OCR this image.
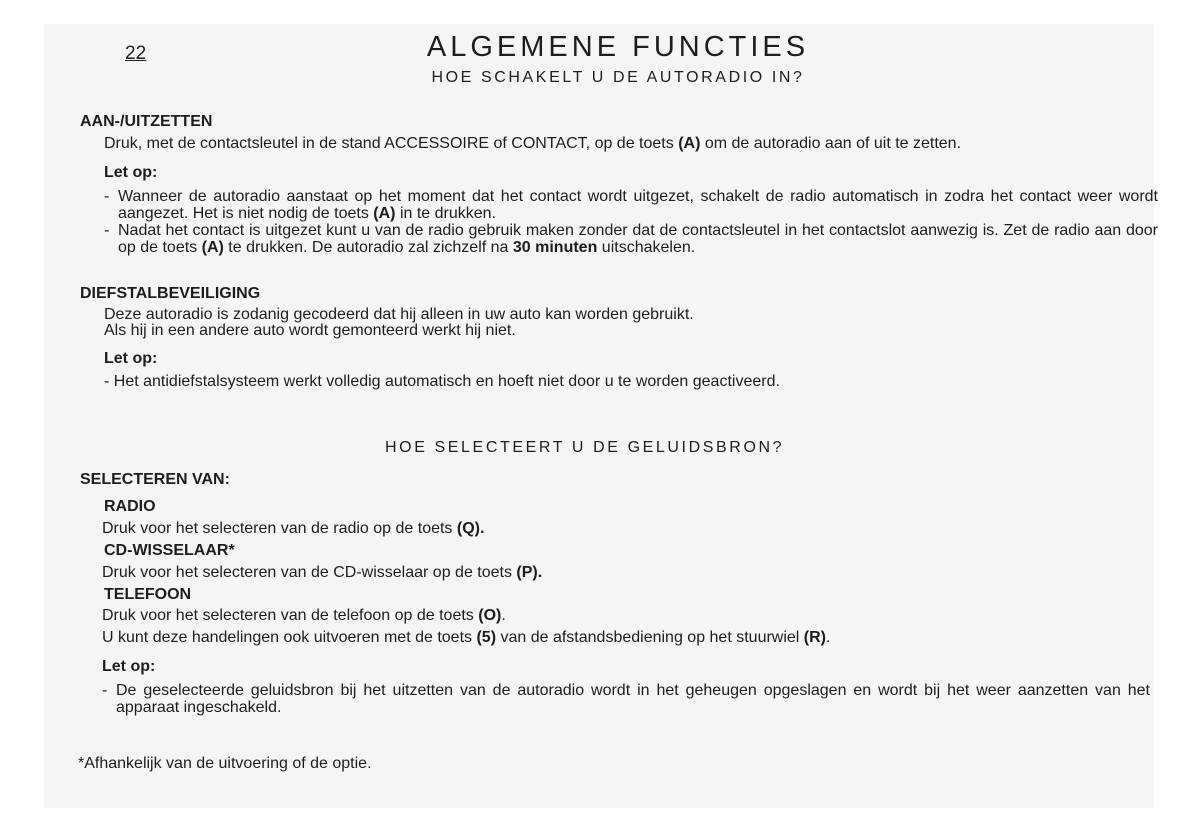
22	ALGEMENE FUNCTIES
HOE SCHAKELT U DE AUTORADIO IN?
AAN-/UITZETTEN
Druk, met de contactsleutel in de stand ACCESSOIRE of CONTACT, op de toets (A) om de autoradio aan of uit te zetten.
Let op:
- Wanneer de autoradio aanstaat op het moment dat het contact wordt uitgezet, schakelt de radio automatisch in zodra het contact weer wordt aangezet. Het is niet nodig de toets (A) in te drukken.
- Nadat het contact is uitgezet kunt u van de radio gebruik maken zonder dat de contactsleutel in het contactslot aanwezig is. Zet de radio aan door op de toets (A) te drukken. De autoradio zal zichzelf na 30 minuten uitschakelen.
DIEFSTALBEVEILIGING
Deze autoradio is zodanig gecodeerd dat hij alleen in uw auto kan worden gebruikt.
Als hij in een andere auto wordt gemonteerd werkt hij niet.
Let op:
- Het antidiefstalsysteem werkt volledig automatisch en hoeft niet door u te worden geactiveerd.
HOE SELECTEERT U DE GELUIDSBRON?
SELECTEREN VAN:
RADIO
Druk voor het selecteren van de radio op de toets (Q).
CD-WISSELAAR*
Druk voor het selecteren van de CD-wisselaar op de toets (P).
TELEFOON
Druk voor het selecteren van de telefoon op de toets (O).
U kunt deze handelingen ook uitvoeren met de toets (5) van de afstandsbediening op het stuurwiel (R).
Let op:
- De geselecteerde geluidsbron bij het uitzetten van de autoradio wordt in het geheugen opgeslagen en wordt bij het weer aanzetten van het apparaat ingeschakeld.
*Afhankelijk van de uitvoering of de optie.
